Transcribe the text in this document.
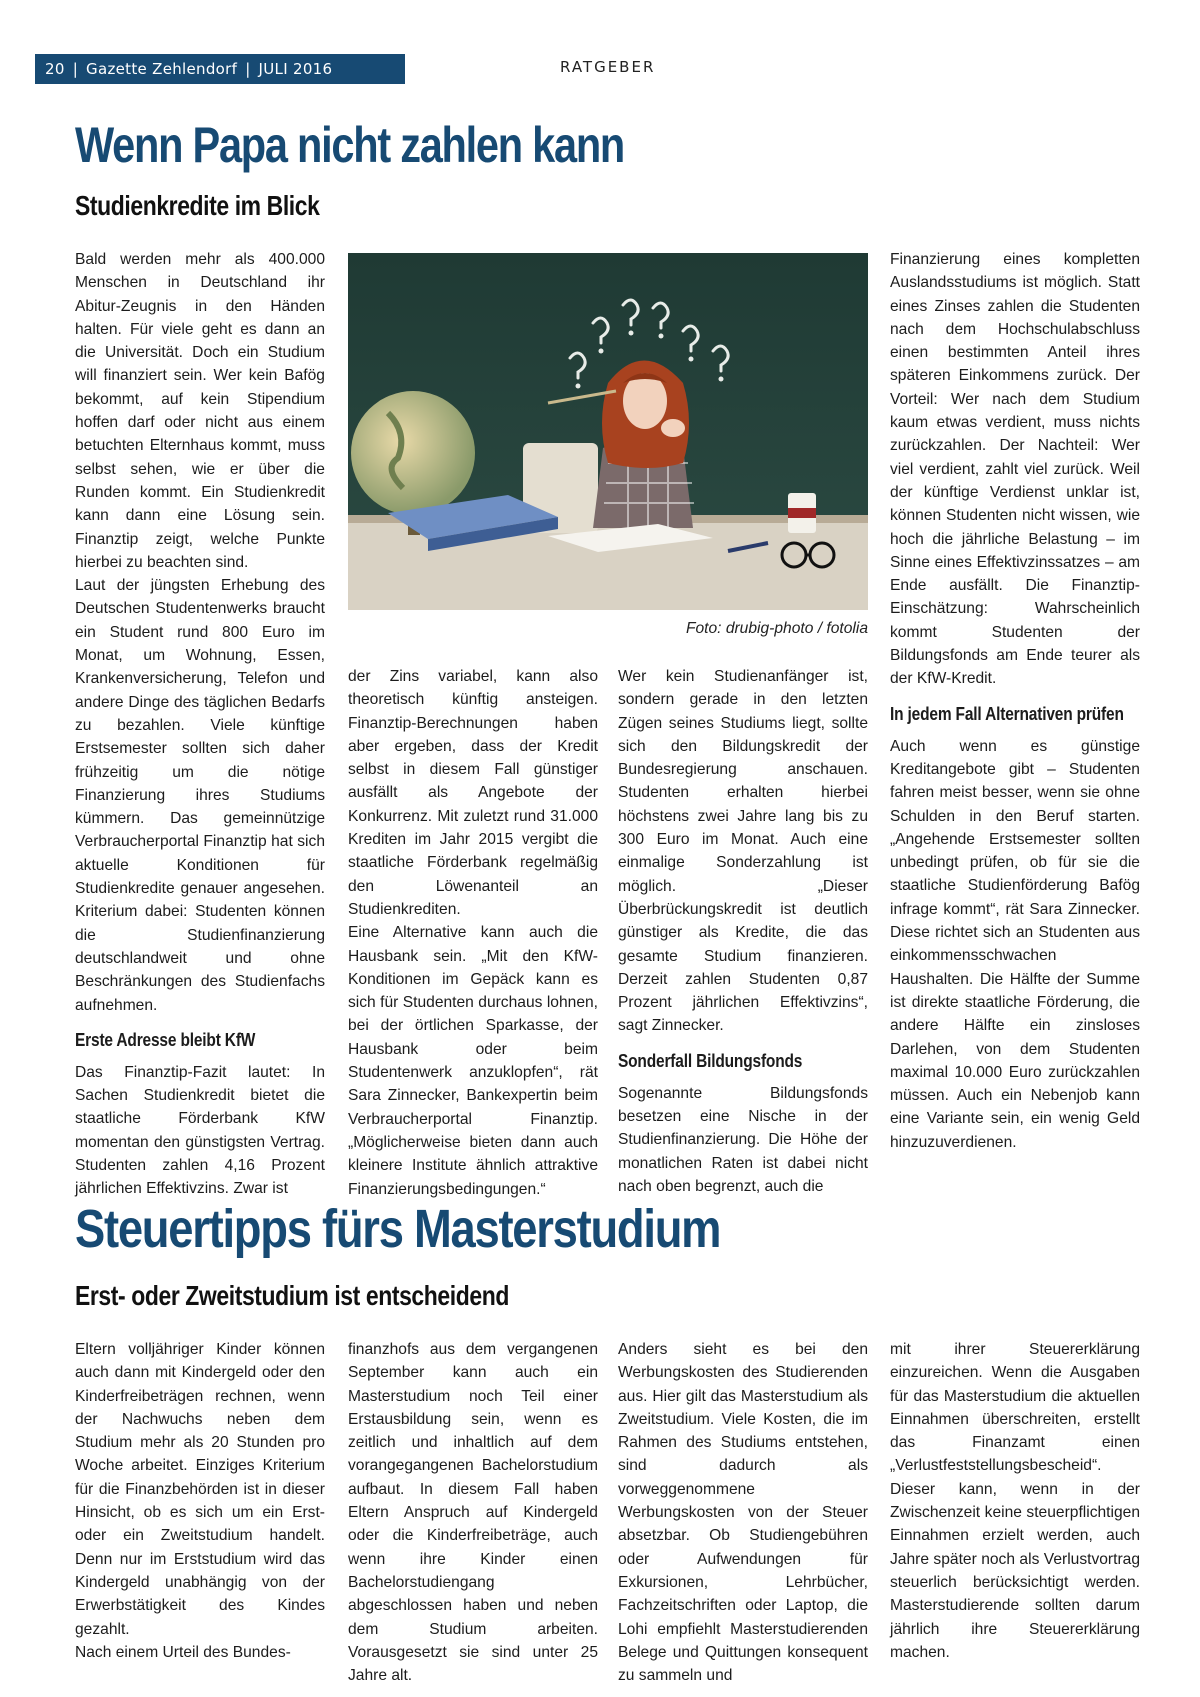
20 | Gazette Zehlendorf | JULI 2016	RATGEBER
Wenn Papa nicht zahlen kann
Studienkredite im Blick

Bald werden mehr als 400.000 Menschen in Deutschland ihr Abitur-Zeugnis in den Händen halten. Für viele geht es dann an die Universität. Doch ein Studium will finanziert sein. Wer kein Bafög bekommt, auf kein Stipendium hoffen darf oder nicht aus einem betuchten Elternhaus kommt, muss selbst sehen, wie er über die Runden kommt. Ein Studienkredit kann dann eine Lösung sein. Finanztip zeigt, welche Punkte hierbei zu beachten sind.

Laut der jüngsten Erhebung des Deutschen Studentenwerks braucht ein Student rund 800 Euro im Monat, um Wohnung, Essen, Krankenversicherung, Telefon und andere Dinge des täglichen Bedarfs zu bezahlen. Viele künftige Erstsemester sollten sich daher frühzeitig um die nötige Finanzierung ihres Studiums kümmern. Das gemeinnützige Verbraucherportal Finanztip hat sich aktuelle Konditionen für Studienkredite genauer angesehen. Kriterium dabei: Studenten können die Studienfinanzierung deutschlandweit und ohne Beschränkungen des Studienfachs aufnehmen.

Erste Adresse bleibt KfW

Das Finanztip-Fazit lautet: In Sachen Studienkredit bietet die staatliche Förderbank KfW momentan den günstigsten Vertrag. Studenten zahlen 4,16 Prozent jährlichen Effektivzins. Zwar ist

Foto: drubig-photo / fotolia

der Zins variabel, kann also theoretisch künftig ansteigen. Finanztip-Berechnungen haben aber ergeben, dass der Kredit selbst in diesem Fall günstiger ausfällt als Angebote der Konkurrenz. Mit zuletzt rund 31.000 Krediten im Jahr 2015 vergibt die staatliche Förderbank regelmäßig den Löwenanteil an Studienkrediten.

Eine Alternative kann auch die Hausbank sein. „Mit den KfW-Konditionen im Gepäck kann es sich für Studenten durchaus lohnen, bei der örtlichen Sparkasse, der Hausbank oder beim Studentenwerk anzuklopfen“, rät Sara Zinnecker, Bankexpertin beim Verbraucherportal Finanztip. „Möglicherweise bieten dann auch kleinere Institute ähnlich attraktive Finanzierungsbedingungen.“

Wer kein Studienanfänger ist, sondern gerade in den letzten Zügen seines Studiums liegt, sollte sich den Bildungskredit der Bundesregierung anschauen. Studenten erhalten hierbei höchstens zwei Jahre lang bis zu 300 Euro im Monat. Auch eine einmalige Sonderzahlung ist möglich. „Dieser Überbrückungskredit ist deutlich günstiger als Kredite, die das gesamte Studium finanzieren. Derzeit zahlen Studenten 0,87 Prozent jährlichen Effektivzins“, sagt Zinnecker.

Sonderfall Bildungsfonds

Sogenannte Bildungsfonds besetzen eine Nische in der Studienfinanzierung. Die Höhe der monatlichen Raten ist dabei nicht nach oben begrenzt, auch die

Finanzierung eines kompletten Auslandsstudiums ist möglich. Statt eines Zinses zahlen die Studenten nach dem Hochschulabschluss einen bestimmten Anteil ihres späteren Einkommens zurück. Der Vorteil: Wer nach dem Studium kaum etwas verdient, muss nichts zurückzahlen. Der Nachteil: Wer viel verdient, zahlt viel zurück. Weil der künftige Verdienst unklar ist, können Studenten nicht wissen, wie hoch die jährliche Belastung – im Sinne eines Effektivzinssatzes – am Ende ausfällt. Die Finanztip-Einschätzung: Wahrscheinlich kommt Studenten der Bildungsfonds am Ende teurer als der KfW-Kredit.

In jedem Fall Alternativen prüfen

Auch wenn es günstige Kreditangebote gibt – Studenten fahren meist besser, wenn sie ohne Schulden in den Beruf starten. „Angehende Erstsemester sollten unbedingt prüfen, ob für sie die staatliche Studienförderung Bafög infrage kommt“, rät Sara Zinnecker. Diese richtet sich an Studenten aus einkommensschwachen Haushalten. Die Hälfte der Summe ist direkte staatliche Förderung, die andere Hälfte ein zinsloses Darlehen, von dem Studenten maximal 10.000 Euro zurückzahlen müssen. Auch ein Nebenjob kann eine Variante sein, ein wenig Geld hinzuzuverdienen.

Steuertipps fürs Masterstudium
Erst- oder Zweitstudium ist entscheidend

Eltern volljähriger Kinder können auch dann mit Kindergeld oder den Kinderfreibeträgen rechnen, wenn der Nachwuchs neben dem Studium mehr als 20 Stunden pro Woche arbeitet. Einziges Kriterium für die Finanzbehörden ist in dieser Hinsicht, ob es sich um ein Erst- oder ein Zweitstudium handelt. Denn nur im Erststudium wird das Kindergeld unabhängig von der Erwerbstätigkeit des Kindes gezahlt.

Nach einem Urteil des Bundes-

finanzhofs aus dem vergangenen September kann auch ein Masterstudium noch Teil einer Erstausbildung sein, wenn es zeitlich und inhaltlich auf dem vorangegangenen Bachelorstudium aufbaut. In diesem Fall haben Eltern Anspruch auf Kindergeld oder die Kinderfreibeträge, auch wenn ihre Kinder einen Bachelorstudiengang abgeschlossen haben und neben dem Studium arbeiten. Vorausgesetzt sie sind unter 25 Jahre alt.

Anders sieht es bei den Werbungskosten des Studierenden aus. Hier gilt das Masterstudium als Zweitstudium. Viele Kosten, die im Rahmen des Studiums entstehen, sind dadurch als vorweggenommene Werbungskosten von der Steuer absetzbar. Ob Studiengebühren oder Aufwendungen für Exkursionen, Lehrbücher, Fachzeitschriften oder Laptop, die Lohi empfiehlt Masterstudierenden Belege und Quittungen konsequent zu sammeln und

mit ihrer Steuererklärung einzureichen. Wenn die Ausgaben für das Masterstudium die aktuellen Einnahmen überschreiten, erstellt das Finanzamt einen „Verlustfeststellungsbescheid“. Dieser kann, wenn in der Zwischenzeit keine steuerpflichtigen Einnahmen erzielt werden, auch Jahre später noch als Verlustvortrag steuerlich berücksichtigt werden. Masterstudierende sollten darum jährlich ihre Steuererklärung machen.
